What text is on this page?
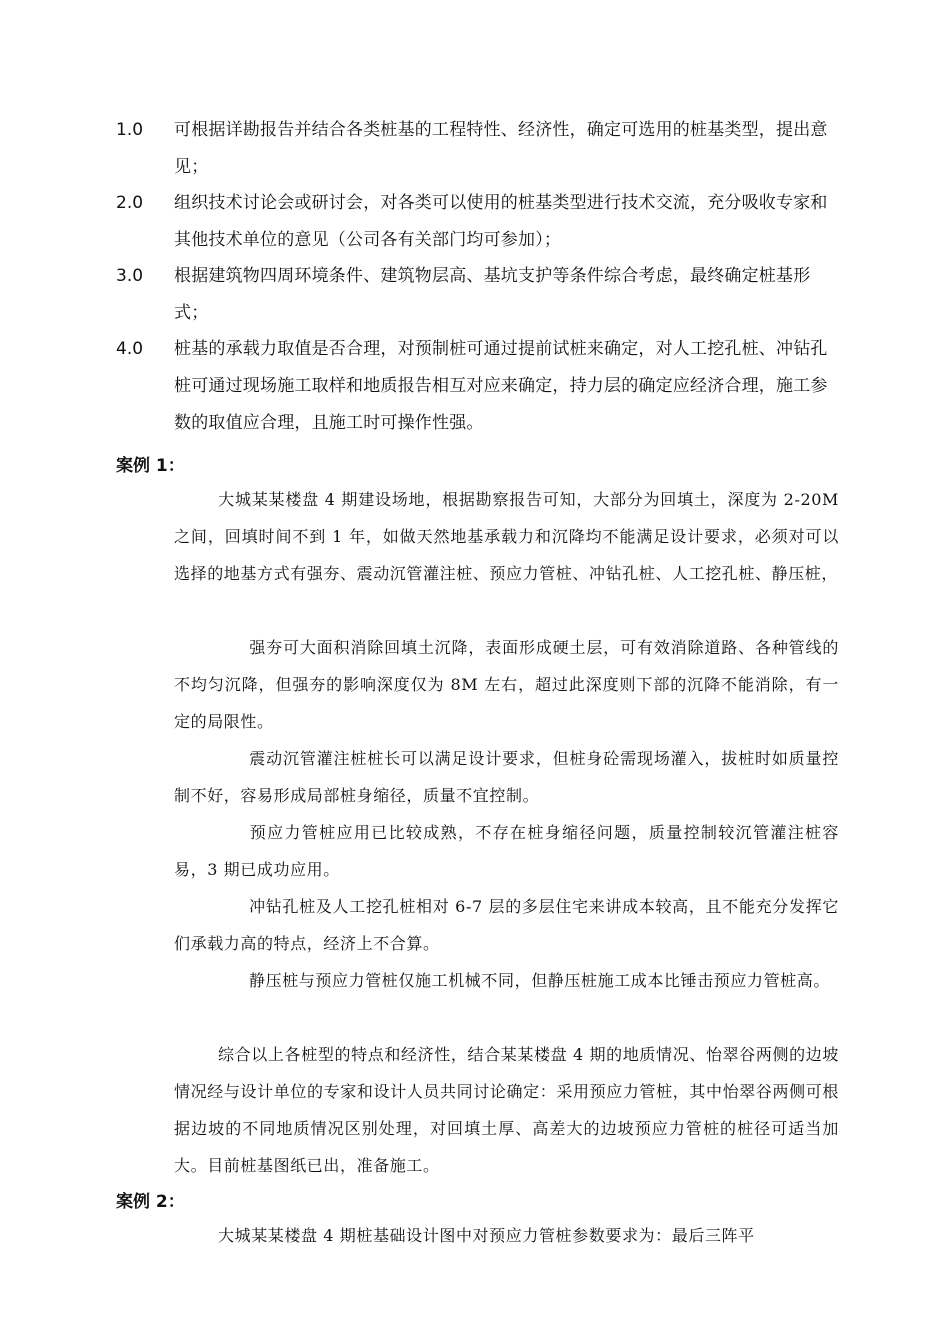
1.0	可根据详勘报告并结合各类桩基的工程特性、经济性，确定可选用的桩基类型，提出意见；
2.0	组织技术讨论会或研讨会，对各类可以使用的桩基类型进行技术交流，充分吸收专家和其他技术单位的意见（公司各有关部门均可参加）；
3.0	根据建筑物四周环境条件、建筑物层高、基坑支护等条件综合考虑，最终确定桩基形式；
4.0	桩基的承载力取值是否合理，对预制桩可通过提前试桩来确定，对人工挖孔桩、冲钻孔桩可通过现场施工取样和地质报告相互对应来确定，持力层的确定应经济合理，施工参数的取值应合理，且施工时可操作性强。
案例 1：
大城某某楼盘 4 期建设场地，根据勘察报告可知，大部分为回填土，深度为 2-20M 之间，回填时间不到 1 年，如做天然地基承载力和沉降均不能满足设计要求，必须对可以选择的地基方式有强夯、震动沉管灌注桩、预应力管桩、冲钻孔桩、人工挖孔桩、静压桩，
强夯可大面积消除回填土沉降，表面形成硬土层，可有效消除道路、各种管线的不均匀沉降，但强夯的影响深度仅为 8M 左右，超过此深度则下部的沉降不能消除，有一定的局限性。
震动沉管灌注桩桩长可以满足设计要求，但桩身砼需现场灌入，拔桩时如质量控制不好，容易形成局部桩身缩径，质量不宜控制。
预应力管桩应用已比较成熟，不存在桩身缩径问题，质量控制较沉管灌注桩容易，3 期已成功应用。
冲钻孔桩及人工挖孔桩相对 6-7 层的多层住宅来讲成本较高，且不能充分发挥它们承载力高的特点，经济上不合算。
静压桩与预应力管桩仅施工机械不同，但静压桩施工成本比锤击预应力管桩高。
综合以上各桩型的特点和经济性，结合某某楼盘 4 期的地质情况、怡翠谷两侧的边坡情况经与设计单位的专家和设计人员共同讨论确定：采用预应力管桩，其中怡翠谷两侧可根据边坡的不同地质情况区别处理，对回填土厚、高差大的边坡预应力管桩的桩径可适当加大。目前桩基图纸已出，准备施工。
案例 2：
大城某某楼盘 4 期桩基础设计图中对预应力管桩参数要求为：最后三阵平
